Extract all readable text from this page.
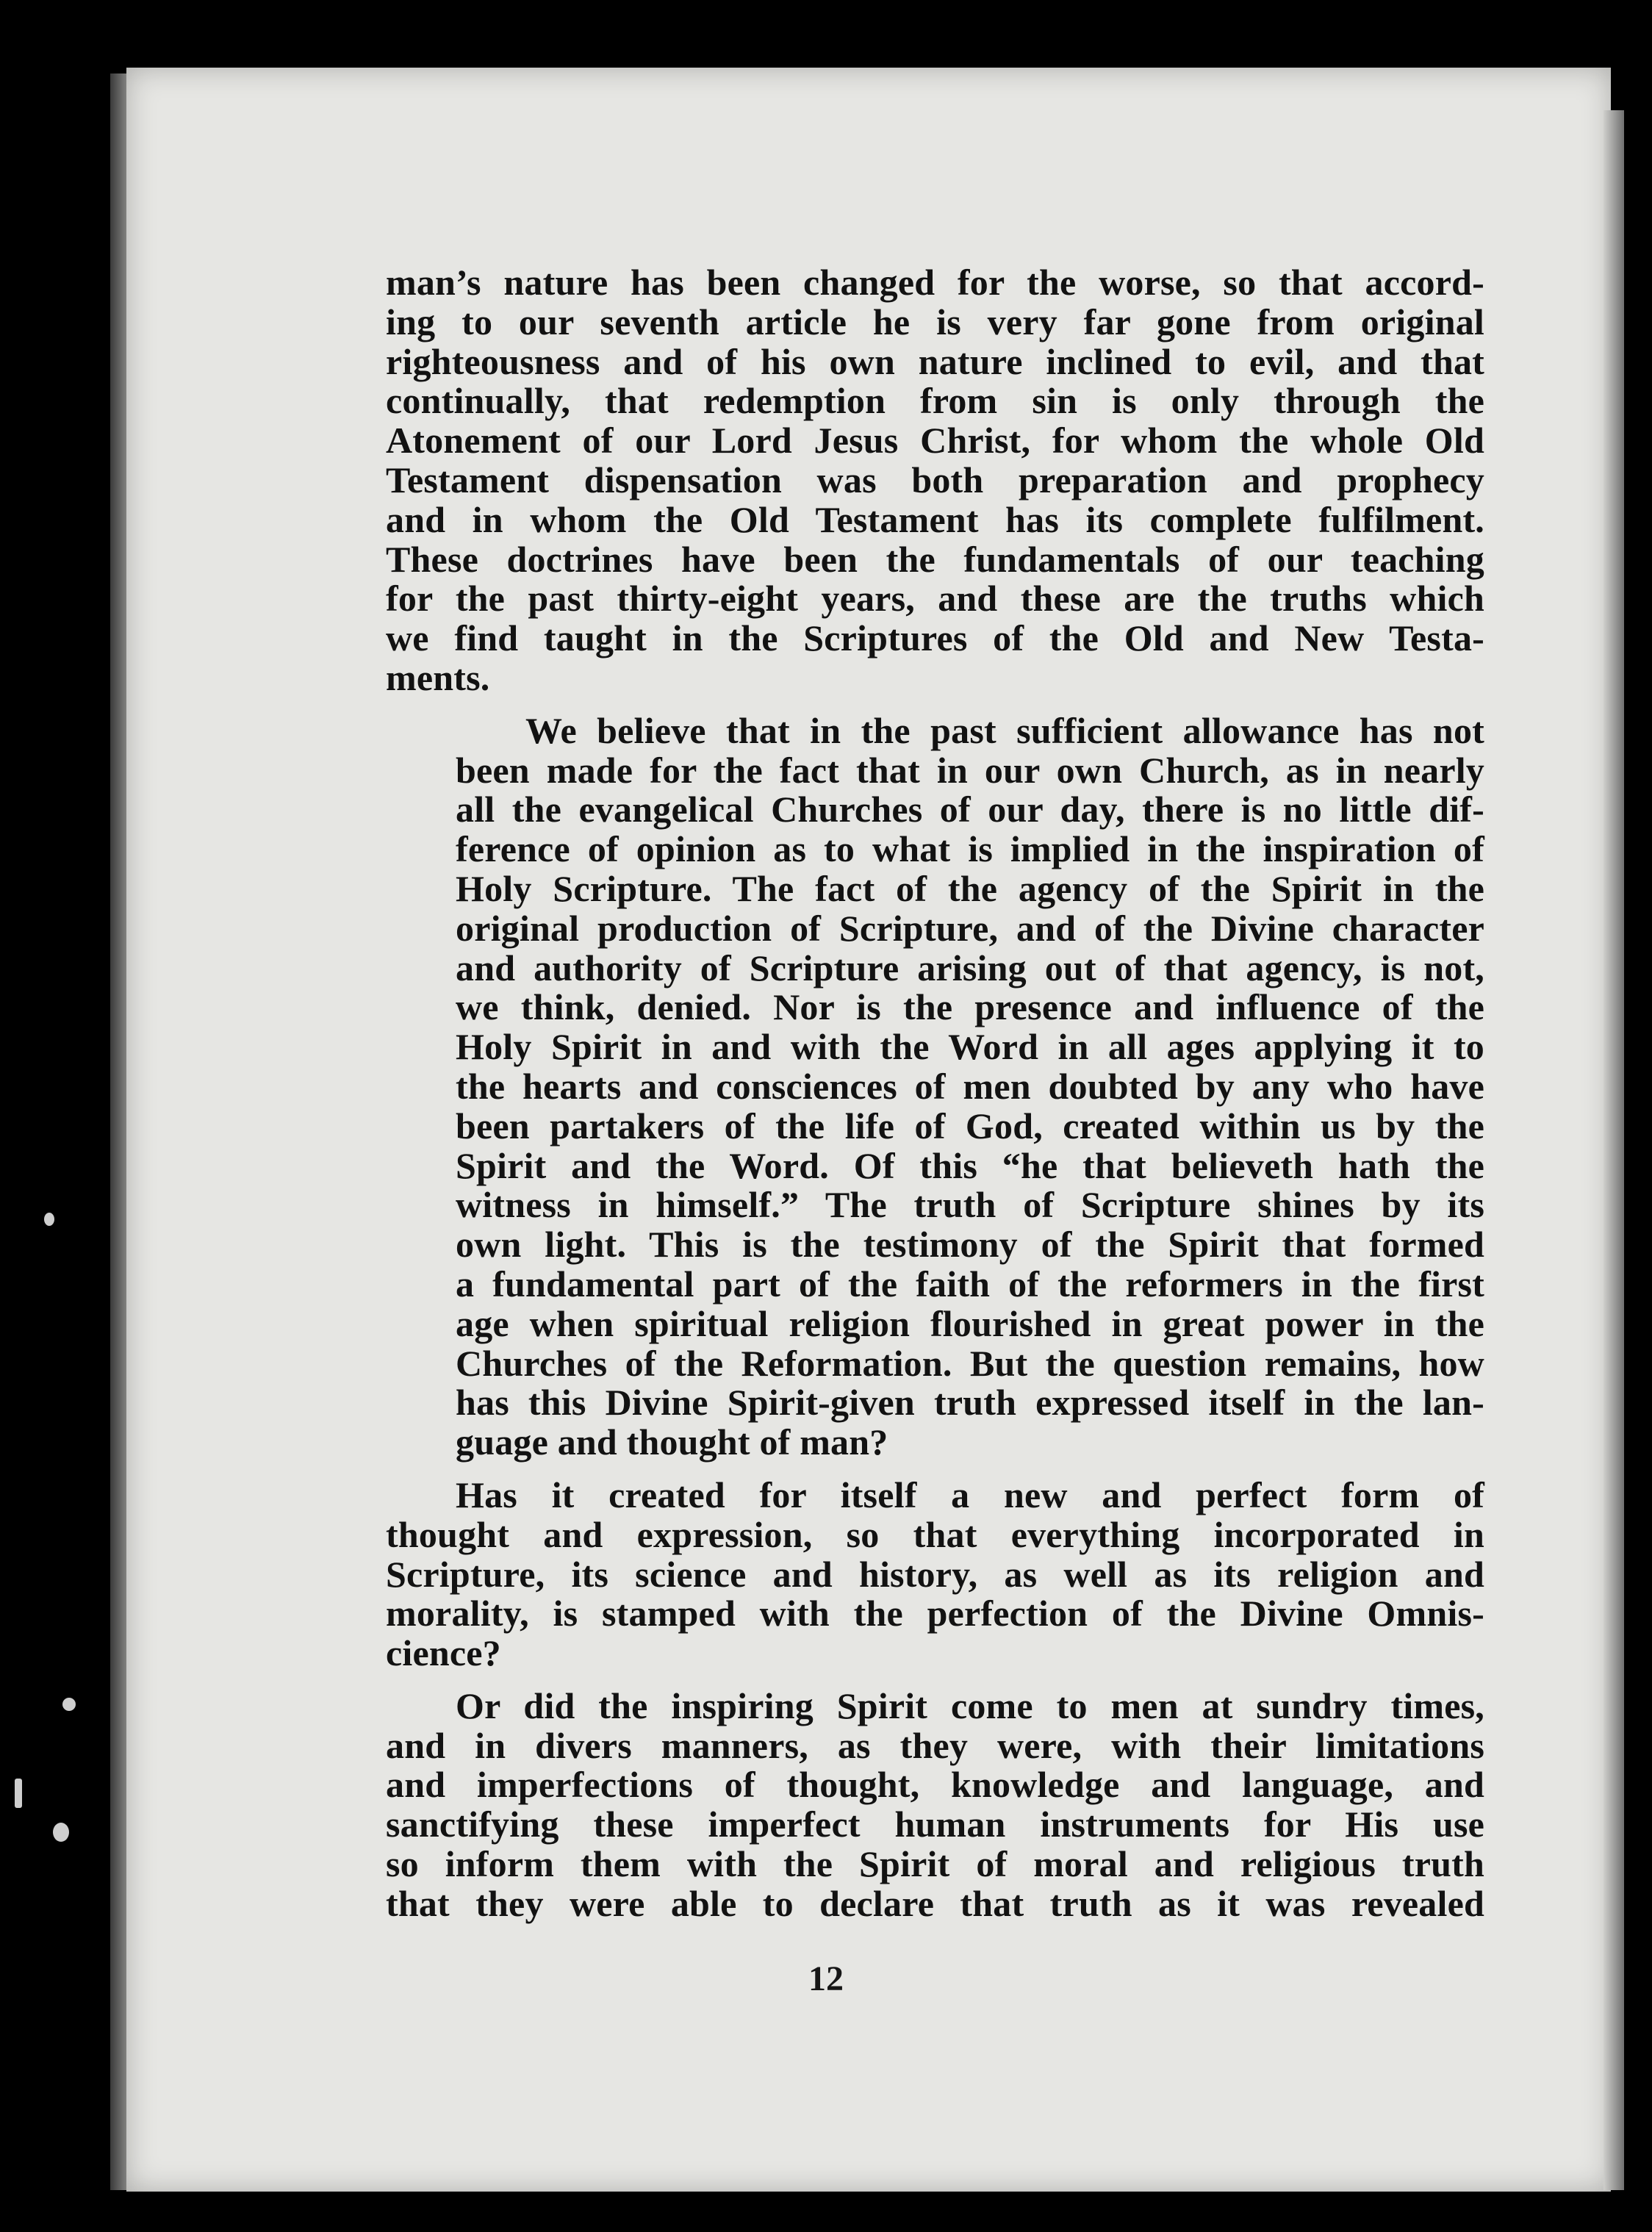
man’s nature has been changed for the worse, so that accord-
ing to our seventh article he is very far gone from original
righteousness and of his own nature inclined to evil, and that
continually, that redemption from sin is only through the
Atonement of our Lord Jesus Christ, for whom the whole Old
Testament dispensation was both preparation and prophecy
and in whom the Old Testament has its complete fulfilment.
These doctrines have been the fundamentals of our teaching
for the past thirty-eight years, and these are the truths which
we find taught in the Scriptures of the Old and New Testa-
ments.

We believe that in the past sufficient allowance has not
been made for the fact that in our own Church, as in nearly
all the evangelical Churches of our day, there is no little dif-
ference of opinion as to what is implied in the inspiration of
Holy Scripture. The fact of the agency of the Spirit in the
original production of Scripture, and of the Divine character
and authority of Scripture arising out of that agency, is not,
we think, denied. Nor is the presence and influence of the
Holy Spirit in and with the Word in all ages applying it to
the hearts and consciences of men doubted by any who have
been partakers of the life of God, created within us by the
Spirit and the Word. Of this “he that believeth hath the
witness in himself.” The truth of Scripture shines by its
own light. This is the testimony of the Spirit that formed
a fundamental part of the faith of the reformers in the first
age when spiritual religion flourished in great power in the
Churches of the Reformation. But the question remains, how
has this Divine Spirit-given truth expressed itself in the lan-
guage and thought of man?

Has it created for itself a new and perfect form of
thought and expression, so that everything incorporated in
Scripture, its science and history, as well as its religion and
morality, is stamped with the perfection of the Divine Omnis-
cience?

Or did the inspiring Spirit come to men at sundry times,
and in divers manners, as they were, with their limitations
and imperfections of thought, knowledge and language, and
sanctifying these imperfect human instruments for His use
so inform them with the Spirit of moral and religious truth
that they were able to declare that truth as it was revealed

12
